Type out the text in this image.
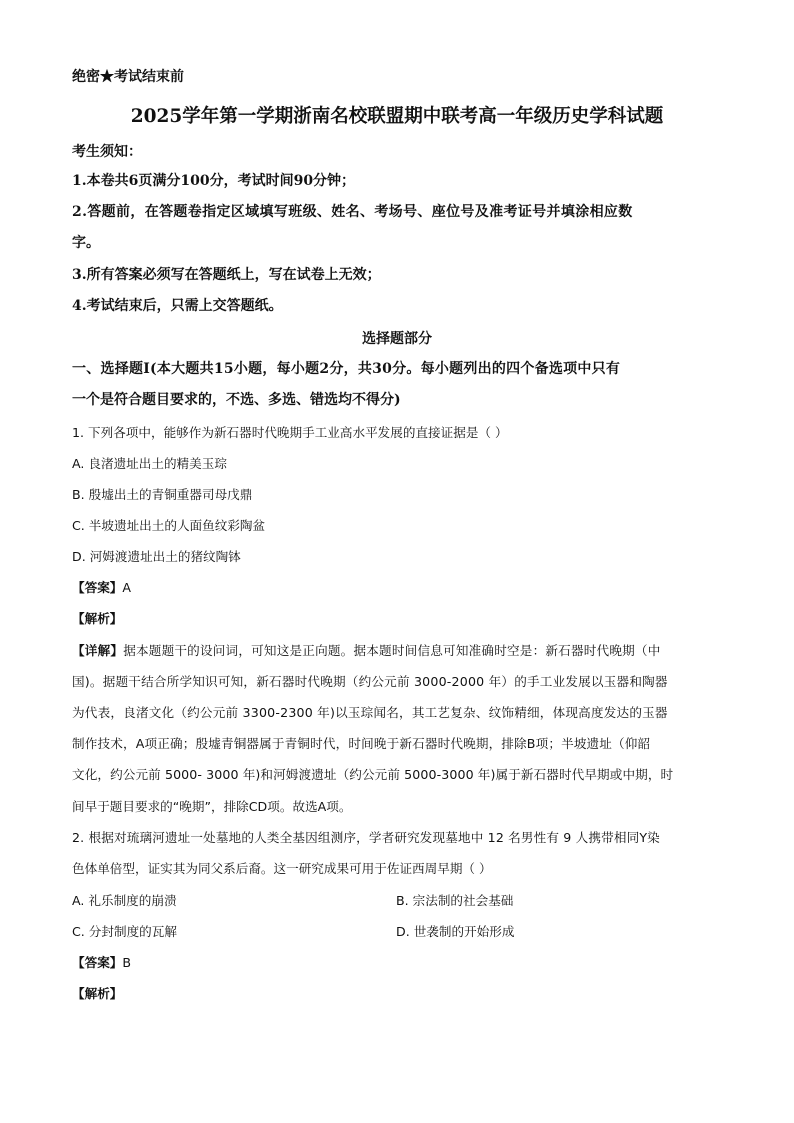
绝密★考试结束前
2025学年第一学期浙南名校联盟期中联考高一年级历史学科试题
考生须知：
1.本卷共6页满分100分，考试时间90分钟；
2.答题前，在答题卷指定区域填写班级、姓名、考场号、座位号及准考证号并填涂相应数
字。
3.所有答案必须写在答题纸上，写在试卷上无效；
4.考试结束后，只需上交答题纸。
选择题部分
一、选择题Ⅰ(本大题共15小题，每小题2分，共30分。每小题列出的四个备选项中只有
一个是符合题目要求的，不选、多选、错选均不得分)
1. 下列各项中，能够作为新石器时代晚期手工业高水平发展的直接证据是（ ）
A. 良渚遗址出土的精美玉琮
B. 殷墟出土的青铜重器司母戊鼎
C. 半坡遗址出土的人面鱼纹彩陶盆
D. 河姆渡遗址出土的猪纹陶钵
【答案】A
【解析】
【详解】据本题题干的设问词，可知这是正向题。据本题时间信息可知准确时空是：新石器时代晚期（中
国)。据题干结合所学知识可知，新石器时代晚期（约公元前 3000-2000 年）的手工业发展以玉器和陶器
为代表，良渚文化（约公元前 3300-2300 年)以玉琮闻名，其工艺复杂、纹饰精细，体现高度发达的玉器
制作技术，A项正确；殷墟青铜器属于青铜时代，时间晚于新石器时代晚期，排除B项；半坡遗址（仰韶
文化，约公元前 5000- 3000 年)和河姆渡遗址（约公元前 5000-3000 年)属于新石器时代早期或中期，时
间早于题目要求的“晚期”，排除CD项。故选A项。
2. 根据对琉璃河遗址一处墓地的人类全基因组测序，学者研究发现墓地中 12 名男性有 9 人携带相同Y染
色体单倍型，证实其为同父系后裔。这一研究成果可用于佐证西周早期（ ）
A. 礼乐制度的崩溃	B. 宗法制的社会基础
C. 分封制度的瓦解	D. 世袭制的开始形成
【答案】B
【解析】
